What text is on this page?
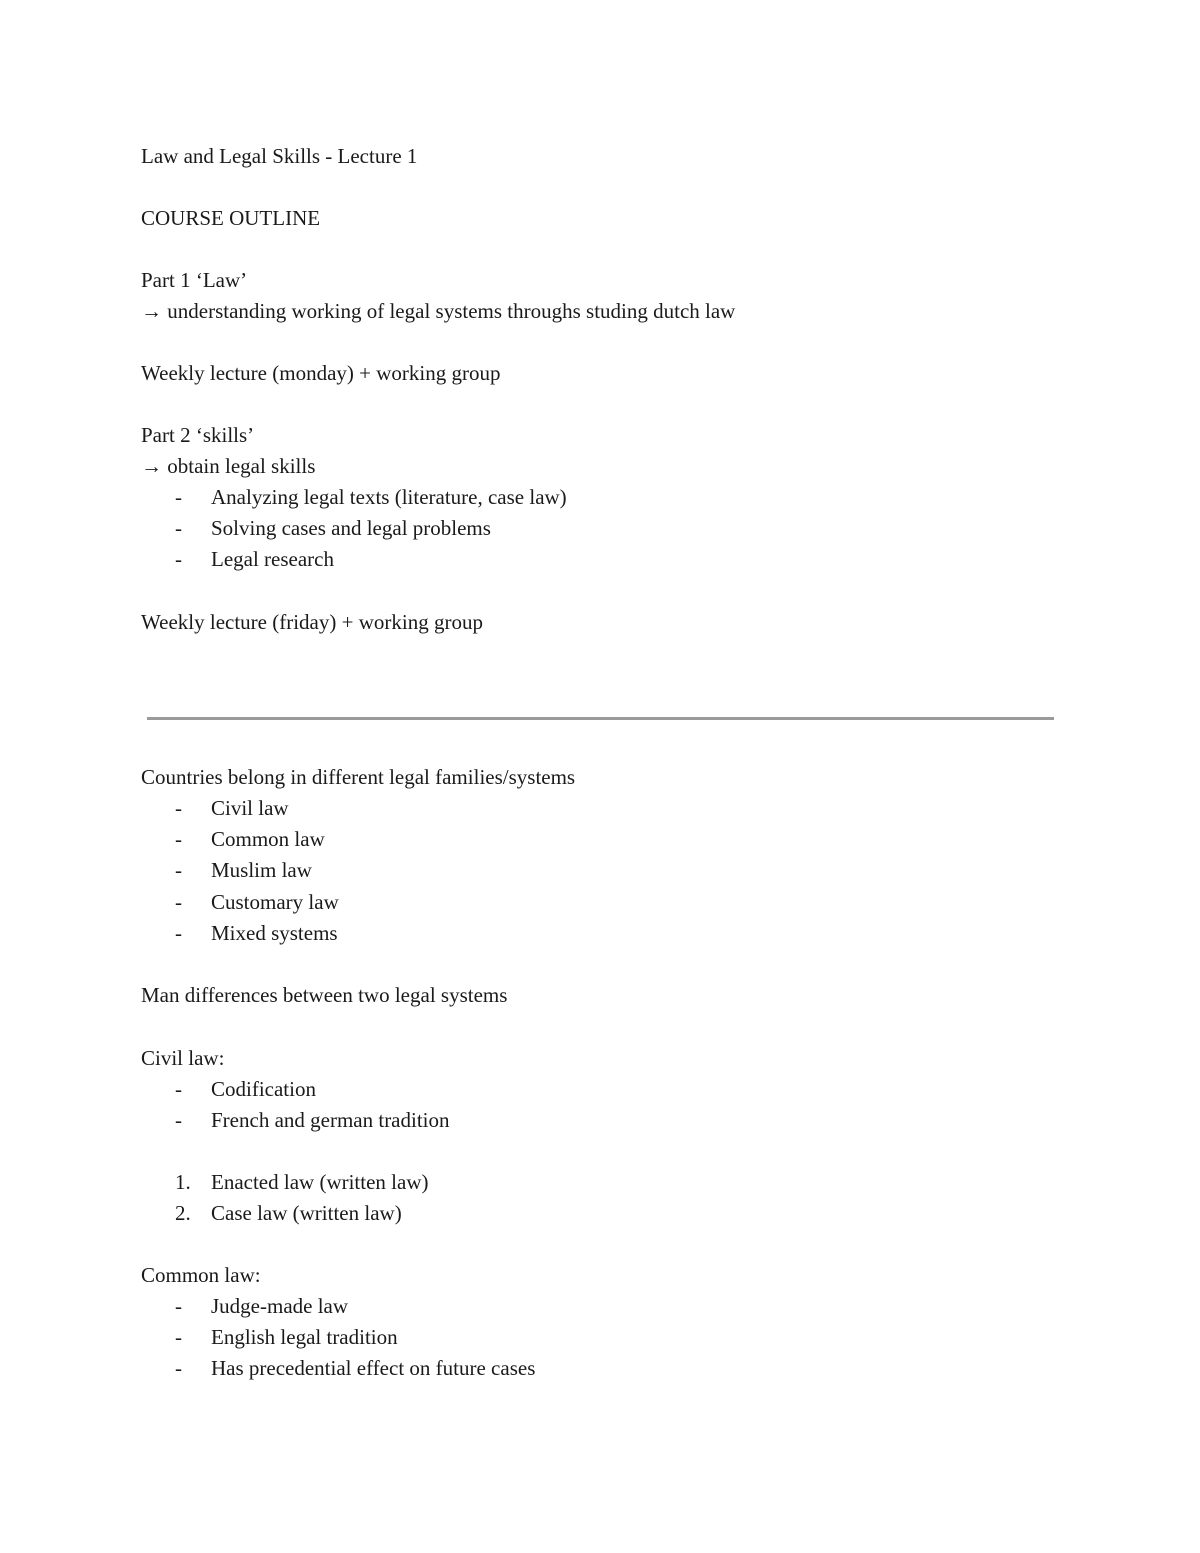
Law and Legal Skills - Lecture 1
COURSE OUTLINE
Part 1 ‘Law’
→ understanding working of legal systems throughs studing dutch law
Weekly lecture (monday) + working group
Part 2 ‘skills’
→ obtain legal skills
- Analyzing legal texts (literature, case law)
- Solving cases and legal problems
- Legal research
Weekly lecture (friday) + working group
Countries belong in different legal families/systems
- Civil law
- Common law
- Muslim law
- Customary law
- Mixed systems
Man differences between two legal systems
Civil law:
- Codification
- French and german tradition
1. Enacted law (written law)
2. Case law (written law)
Common law:
- Judge-made law
- English legal tradition
- Has precedential effect on future cases
